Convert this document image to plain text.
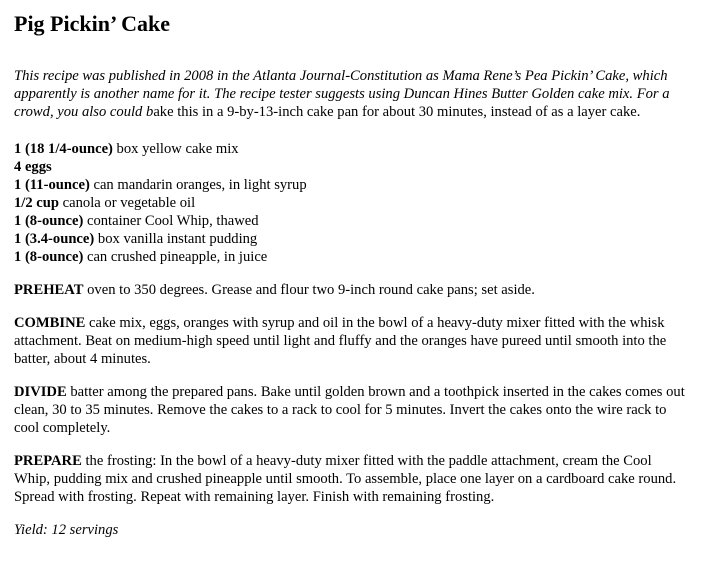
Pig Pickin’ Cake

This recipe was published in 2008 in the Atlanta Journal-Constitution as Mama Rene’s Pea Pickin’ Cake, which apparently is another name for it. The recipe tester suggests using Duncan Hines Butter Golden cake mix. For a crowd, you also could bake this in a 9-by-13-inch cake pan for about 30 minutes, instead of as a layer cake.

1 (18 1/4-ounce) box yellow cake mix
4 eggs
1 (11-ounce) can mandarin oranges, in light syrup
1/2 cup canola or vegetable oil
1 (8-ounce) container Cool Whip, thawed
1 (3.4-ounce) box vanilla instant pudding
1 (8-ounce) can crushed pineapple, in juice

PREHEAT oven to 350 degrees. Grease and flour two 9-inch round cake pans; set aside.

COMBINE cake mix, eggs, oranges with syrup and oil in the bowl of a heavy-duty mixer fitted with the whisk attachment. Beat on medium-high speed until light and fluffy and the oranges have pureed until smooth into the batter, about 4 minutes.

DIVIDE batter among the prepared pans. Bake until golden brown and a toothpick inserted in the cakes comes out clean, 30 to 35 minutes. Remove the cakes to a rack to cool for 5 minutes. Invert the cakes onto the wire rack to cool completely.

PREPARE the frosting: In the bowl of a heavy-duty mixer fitted with the paddle attachment, cream the Cool Whip, pudding mix and crushed pineapple until smooth. To assemble, place one layer on a cardboard cake round. Spread with frosting. Repeat with remaining layer. Finish with remaining frosting.

Yield: 12 servings
